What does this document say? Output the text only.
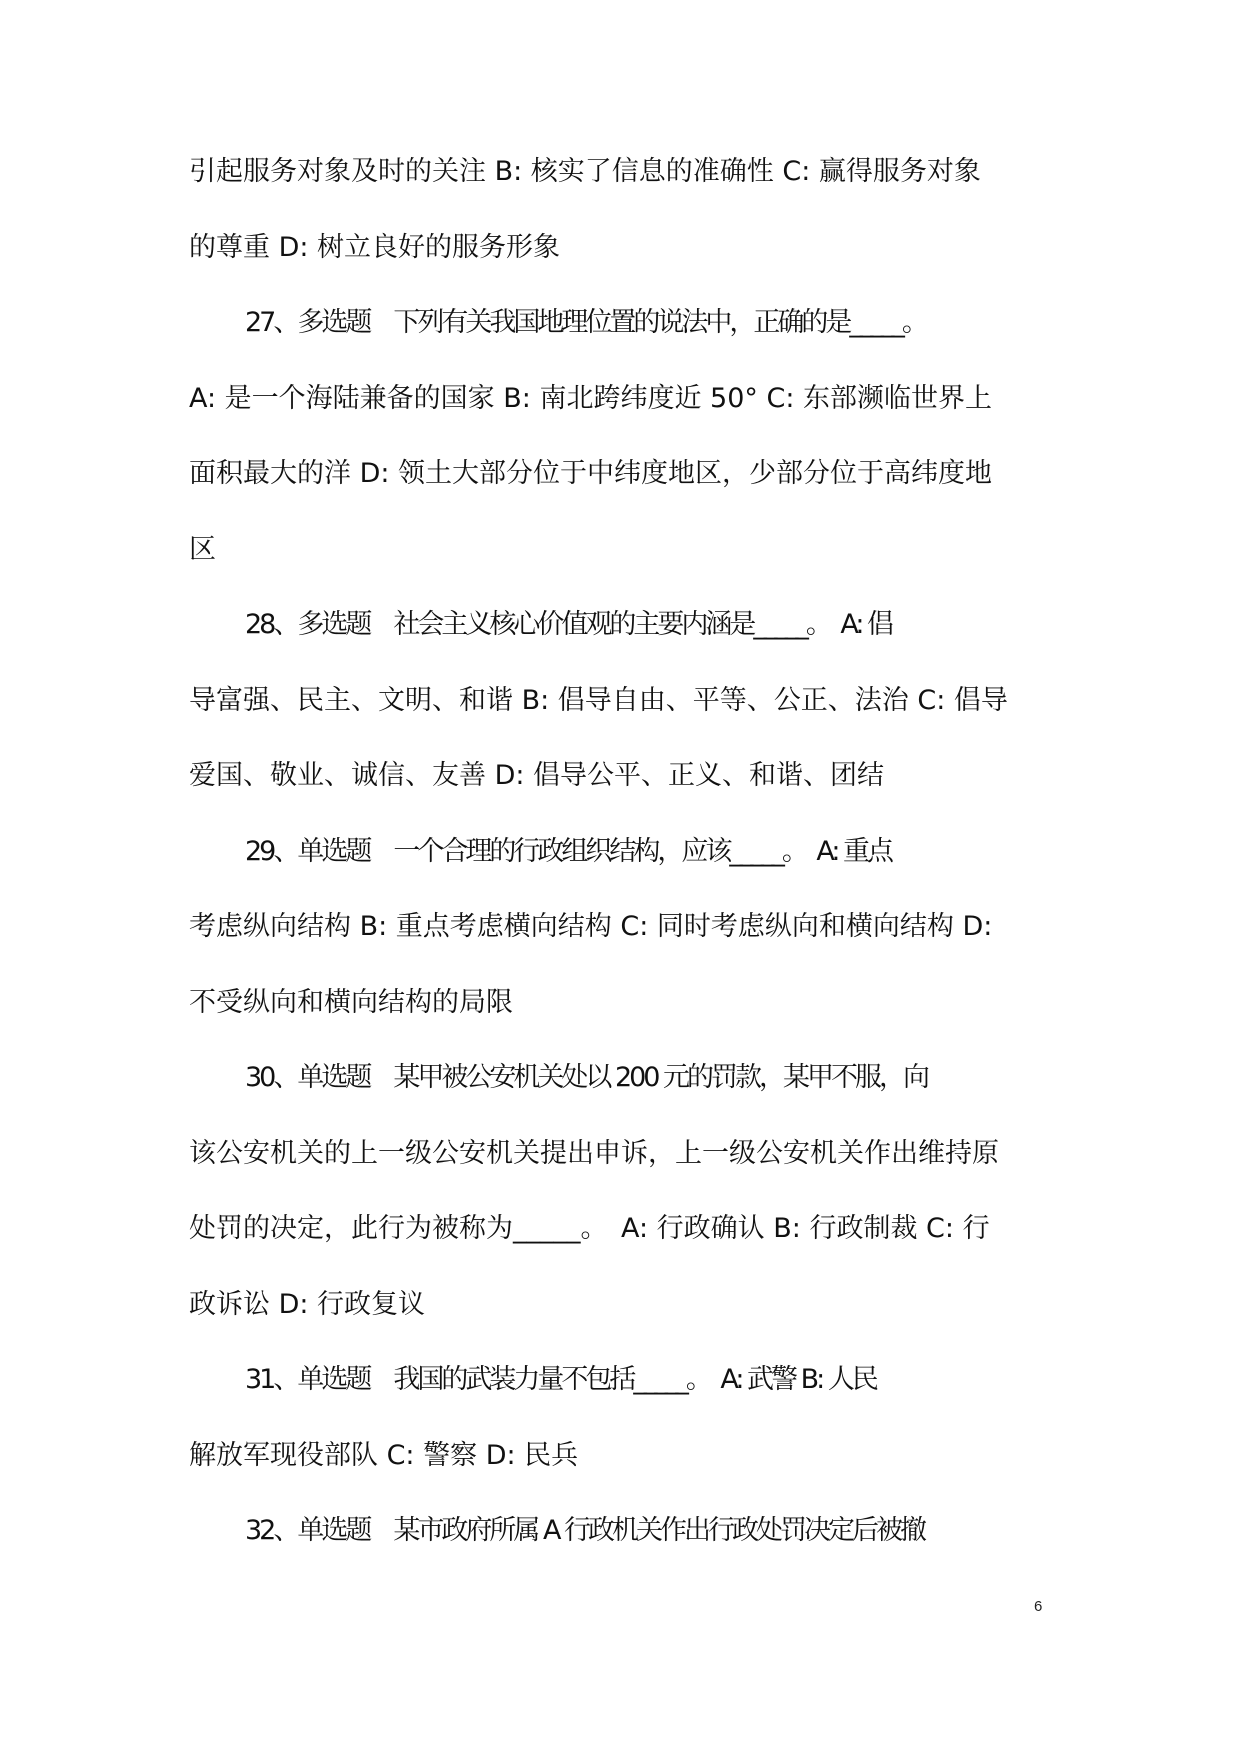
引起服务对象及时的关注 B: 核实了信息的准确性 C: 赢得服务对象
的尊重 D: 树立良好的服务形象
27、多选题　下列有关我国地理位置的说法中，正确的是_____。
A: 是一个海陆兼备的国家 B: 南北跨纬度近 50° C: 东部濒临世界上
面积最大的洋 D: 领土大部分位于中纬度地区，少部分位于高纬度地
区
28、多选题　社会主义核心价值观的主要内涵是_____。　A: 倡
导富强、民主、文明、和谐 B: 倡导自由、平等、公正、法治 C: 倡导
爱国、敬业、诚信、友善 D: 倡导公平、正义、和谐、团结
29、单选题　一个合理的行政组织结构，应该_____。　A: 重点
考虑纵向结构 B: 重点考虑横向结构 C: 同时考虑纵向和横向结构 D:
不受纵向和横向结构的局限
30、单选题　某甲被公安机关处以 200 元的罚款，某甲不服，向
该公安机关的上一级公安机关提出申诉，上一级公安机关作出维持原
处罚的决定，此行为被称为_____。　A: 行政确认 B: 行政制裁 C: 行
政诉讼 D: 行政复议
31、单选题　我国的武装力量不包括_____。　A: 武警 B: 人民
解放军现役部队 C: 警察 D: 民兵
32、单选题　某市政府所属 A 行政机关作出行政处罚决定后被撤
6
